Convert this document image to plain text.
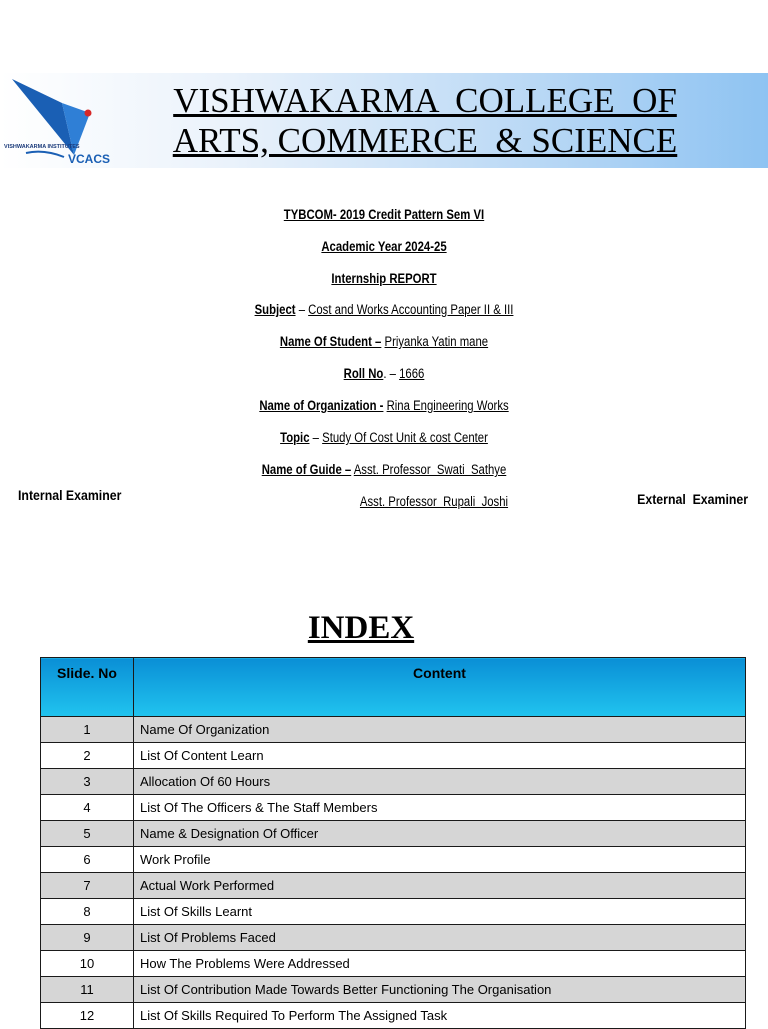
VISHWAKARMA INSTITUTES
VCACS
VISHWAKARMA  COLLEGE  OF
ARTS, COMMERCE  & SCIENCE
TYBCOM- 2019 Credit Pattern Sem VI
Academic Year 2024-25
Internship REPORT
Subject – Cost and Works Accounting Paper II & III
Name Of Student – Priyanka Yatin mane
Roll No. – 1666
Name of Organization - Rina Engineering Works
Topic – Study Of Cost Unit & cost Center
Name of Guide – Asst. Professor  Swati  Sathye
Asst. Professor  Rupali  Joshi
Internal Examiner	External  Examiner
INDEX
Slide. No	Content
1	Name Of Organization
2	List Of Content Learn
3	Allocation Of 60 Hours
4	List Of The Officers & The Staff Members
5	Name & Designation Of Officer
6	Work Profile
7	Actual Work Performed
8	List Of Skills Learnt
9	List Of Problems Faced
10	How The Problems Were Addressed
11	List Of Contribution Made Towards Better Functioning The Organisation
12	List Of Skills Required To Perform The Assigned Task
